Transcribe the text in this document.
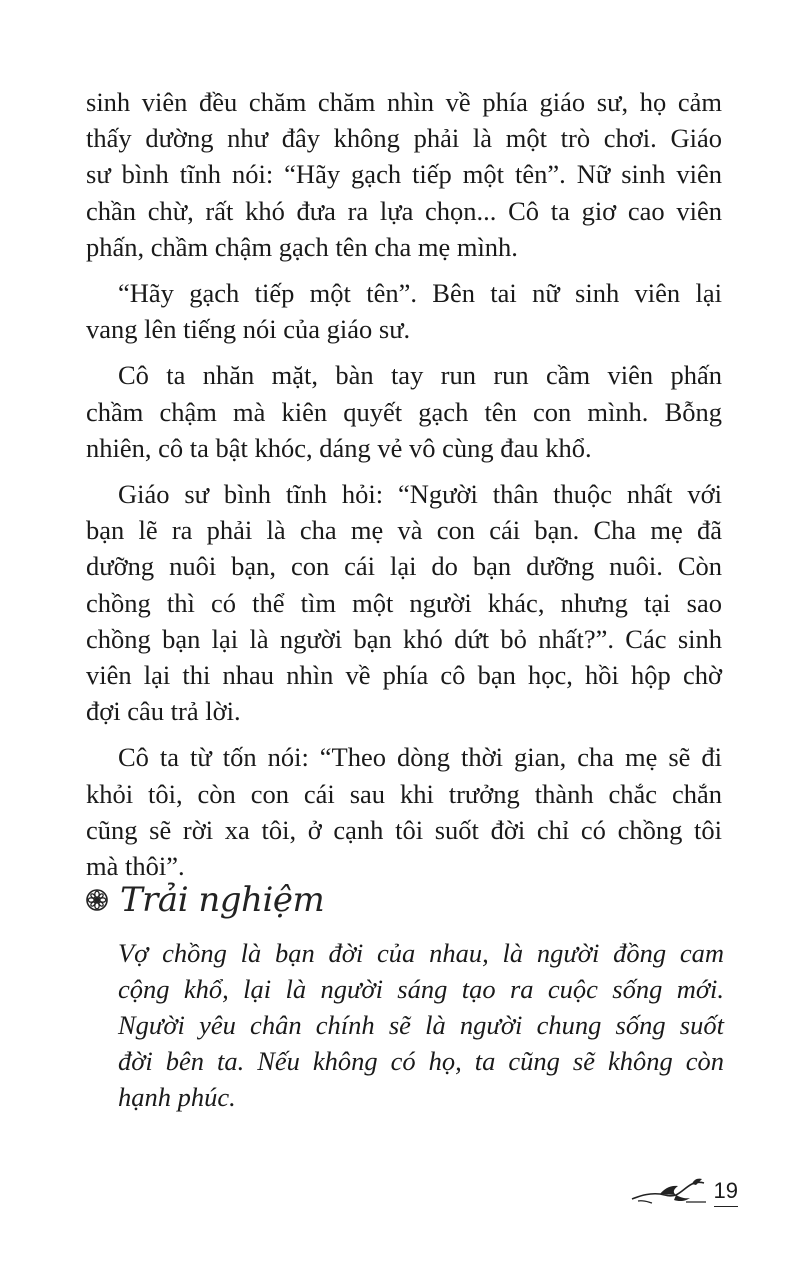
sinh viên đều chăm chăm nhìn về phía giáo sư, họ cảm
thấy dường như đây không phải là một trò chơi. Giáo
sư bình tĩnh nói: “Hãy gạch tiếp một tên”. Nữ sinh viên
chần chừ, rất khó đưa ra lựa chọn... Cô ta giơ cao viên
phấn, chầm chậm gạch tên cha mẹ mình.

“Hãy gạch tiếp một tên”. Bên tai nữ sinh viên lại
vang lên tiếng nói của giáo sư.

Cô ta nhăn mặt, bàn tay run run cầm viên phấn
chầm chậm mà kiên quyết gạch tên con mình. Bỗng
nhiên, cô ta bật khóc, dáng vẻ vô cùng đau khổ.

Giáo sư bình tĩnh hỏi: “Người thân thuộc nhất với
bạn lẽ ra phải là cha mẹ và con cái bạn. Cha mẹ đã
dưỡng nuôi bạn, con cái lại do bạn dưỡng nuôi. Còn
chồng thì có thể tìm một người khác, nhưng tại sao
chồng bạn lại là người bạn khó dứt bỏ nhất?”. Các sinh
viên lại thi nhau nhìn về phía cô bạn học, hồi hộp chờ
đợi câu trả lời.

Cô ta từ tốn nói: “Theo dòng thời gian, cha mẹ sẽ đi
khỏi tôi, còn con cái sau khi trưởng thành chắc chắn
cũng sẽ rời xa tôi, ở cạnh tôi suốt đời chỉ có chồng tôi
mà thôi”.

Trải nghiệm
Vợ chồng là bạn đời của nhau, là người đồng cam
cộng khổ, lại là người sáng tạo ra cuộc sống mới.
Người yêu chân chính sẽ là người chung sống suốt
đời bên ta. Nếu không có họ, ta cũng sẽ không còn
hạnh phúc.
19
